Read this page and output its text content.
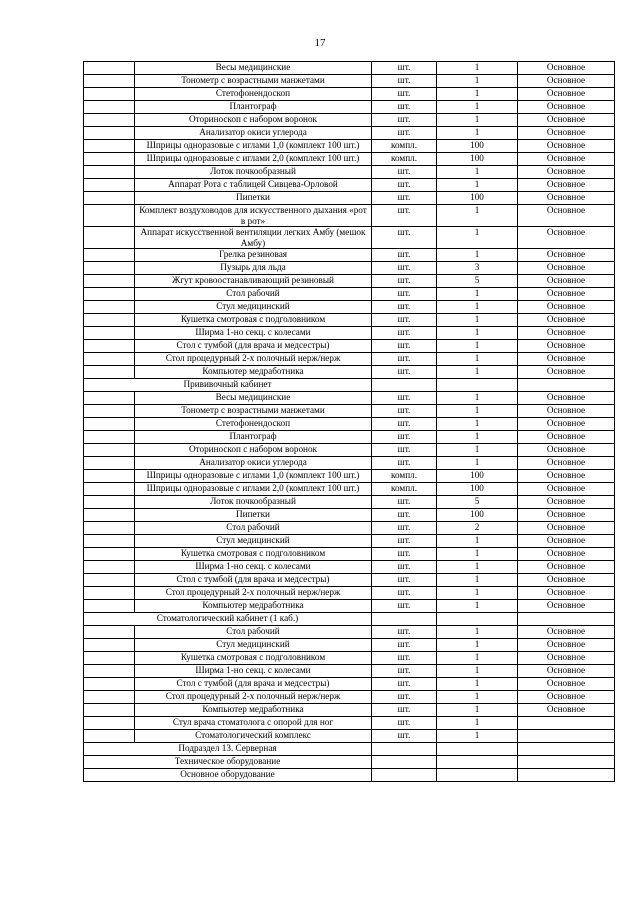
17
	Весы медицинские	шт.	1	Основное
	Тонометр с возрастными манжетами	шт.	1	Основное
	Стетофонендоскоп	шт.	1	Основное
	Плантограф	шт.	1	Основное
	Оториноскоп с набором воронок	шт.	1	Основное
	Анализатор окиси углерода	шт.	1	Основное
	Шприцы одноразовые с иглами 1,0 (комплект 100 шт.)	компл.	100	Основное
	Шприцы одноразовые с иглами 2,0 (комплект 100 шт.)	компл.	100	Основное
	Лоток почкообразный	шт.	1	Основное
	Аппарат Рота с таблицей Сивцева-Орловой	шт.	1	Основное
	Пипетки	шт.	100	Основное
	Комплект воздуховодов для искусственного дыхания «рот в рот»	шт.	1	Основное
	Аппарат искусственной вентиляции легких Амбу (мешок Амбу)	шт.	1	Основное
	Грелка резиновая	шт.	1	Основное
	Пузырь для льда	шт.	3	Основное
	Жгут кровоостанавливающий резиновый	шт.	5	Основное
	Стол рабочий	шт.	1	Основное
	Стул медицинский	шт.	1	Основное
	Кушетка смотровая с подголовником	шт.	1	Основное
	Ширма 1-но секц. с колесами	шт.	1	Основное
	Стол с тумбой (для врача и медсестры)	шт.	1	Основное
	Стол процедурный 2-х полочный нерж/нерж	шт.	1	Основное
	Компьютер медработника	шт.	1	Основное
Прививочный кабинет				
	Весы медицинские	шт.	1	Основное
	Тонометр с возрастными манжетами	шт.	1	Основное
	Стетофонендоскоп	шт.	1	Основное
	Плантограф	шт.	1	Основное
	Оториноскоп с набором воронок	шт.	1	Основное
	Анализатор окиси углерода	шт.	1	Основное
	Шприцы одноразовые с иглами 1,0 (комплект 100 шт.)	компл.	100	Основное
	Шприцы одноразовые с иглами 2,0 (комплект 100 шт.)	компл.	100	Основное
	Лоток почкообразный	шт.	5	Основное
	Пипетки	шт.	100	Основное
	Стол рабочий	шт.	2	Основное
	Стул медицинский	шт.	1	Основное
	Кушетка смотровая с подголовником	шт.	1	Основное
	Ширма 1-но секц. с колесами	шт.	1	Основное
	Стол с тумбой (для врача и медсестры)	шт.	1	Основное
	Стол процедурный 2-х полочный нерж/нерж	шт.	1	Основное
	Компьютер медработника	шт.	1	Основное
Стоматологический кабинет (1 каб.)				
	Стол рабочий	шт.	1	Основное
	Стул медицинский	шт.	1	Основное
	Кушетка смотровая с подголовником	шт.	1	Основное
	Ширма 1-но секц. с колесами	шт.	1	Основное
	Стол с тумбой (для врача и медсестры)	шт.	1	Основное
	Стол процедурный 2-х полочный нерж/нерж	шт.	1	Основное
	Компьютер медработника	шт.	1	Основное
	Стул врача стоматолога с опорой для ног	шт.	1	
	Стоматологический комплекс	шт.	1	
Подраздел 13. Серверная				
Техническое оборудование				
Основное оборудование				
